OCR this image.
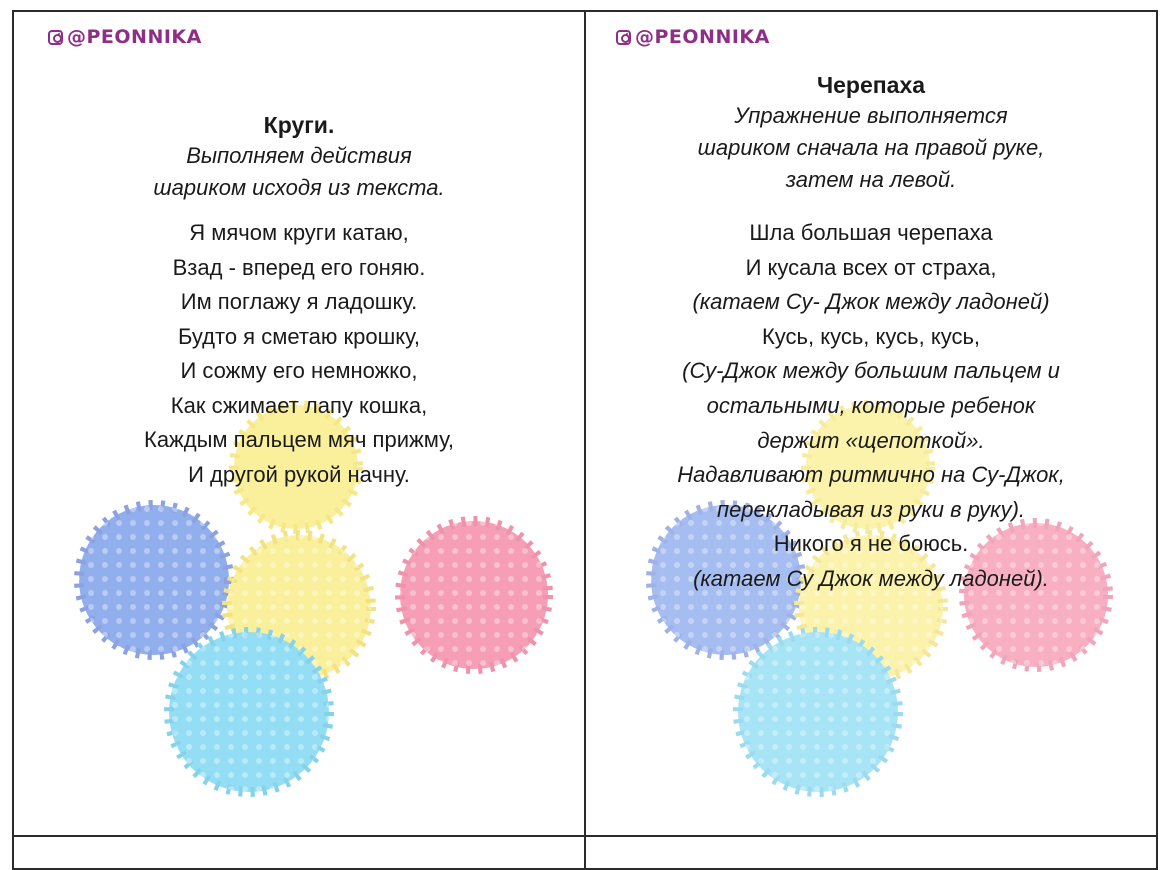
@PEONNIKA
Круги.
Выполняем действия
шариком исходя из текста.
Я мячом круги катаю,
Взад - вперед его гоняю.
Им поглажу я ладошку.
Будто я сметаю крошку,
И сожму его немножко,
Как сжимает лапу кошка,
Каждым пальцем мяч прижму,
И другой рукой начну.
@PEONNIKA
Черепаха
Упражнение выполняется
шариком сначала на правой руке,
затем на левой.
Шла большая черепаха
И кусала всех от страха,
(катаем Су- Джок между ладоней)
Кусь, кусь, кусь, кусь,
(Су-Джок между большим пальцем и
остальными, которые ребенок
держит «щепоткой».
Надавливают ритмично на Су-Джок,
перекладывая из руки в руку).
Никого я не боюсь.
(катаем Су Джок между ладоней).
